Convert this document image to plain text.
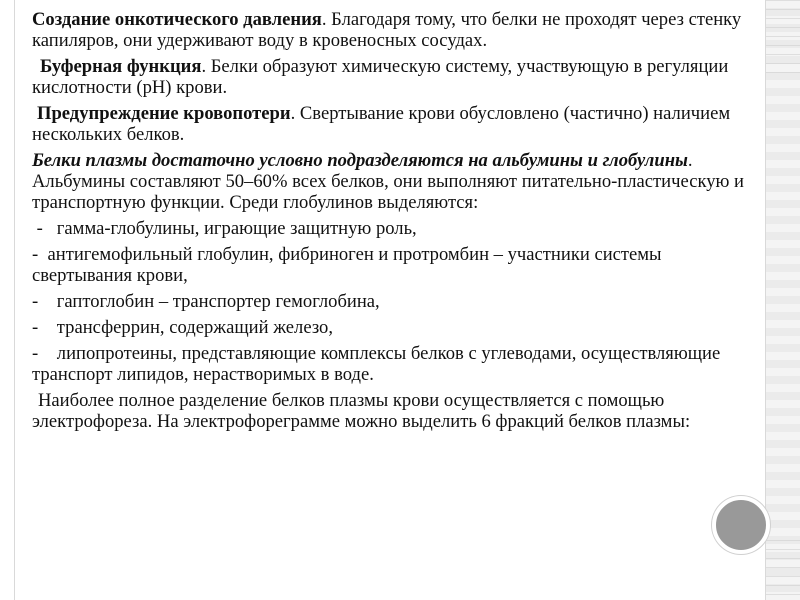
Создание онкотического давления. Благодаря тому, что белки не проходят через стенку капиляров, они удерживают воду в кровеносных сосудах.

Буферная функция. Белки образуют химическую систему, участвующую в регуляции кислотности (pH) крови.

Предупреждение кровопотери. Свертывание крови обусловлено (частично) наличием нескольких белков.

Белки плазмы достаточно условно подразделяются на альбумины и глобулины. Альбумины составляют 50–60% всех белков, они выполняют питательно-пластическую и транспортную функции. Среди глобулинов выделяются:

-   гамма-глобулины, играющие защитную роль,

-  антигемофильный глобулин, фибриноген и протромбин – участники системы свертывания крови,

-    гаптоглобин – транспортер гемоглобина,

-    трансферрин, содержащий железо,

-    липопротеины, представляющие комплексы белков с углеводами, осуществляющие транспорт липидов, нерастворимых в воде.

Наиболее полное разделение белков плазмы крови осуществляется с помощью электрофореза. На электрофореграмме можно выделить 6 фракций белков плазмы:
